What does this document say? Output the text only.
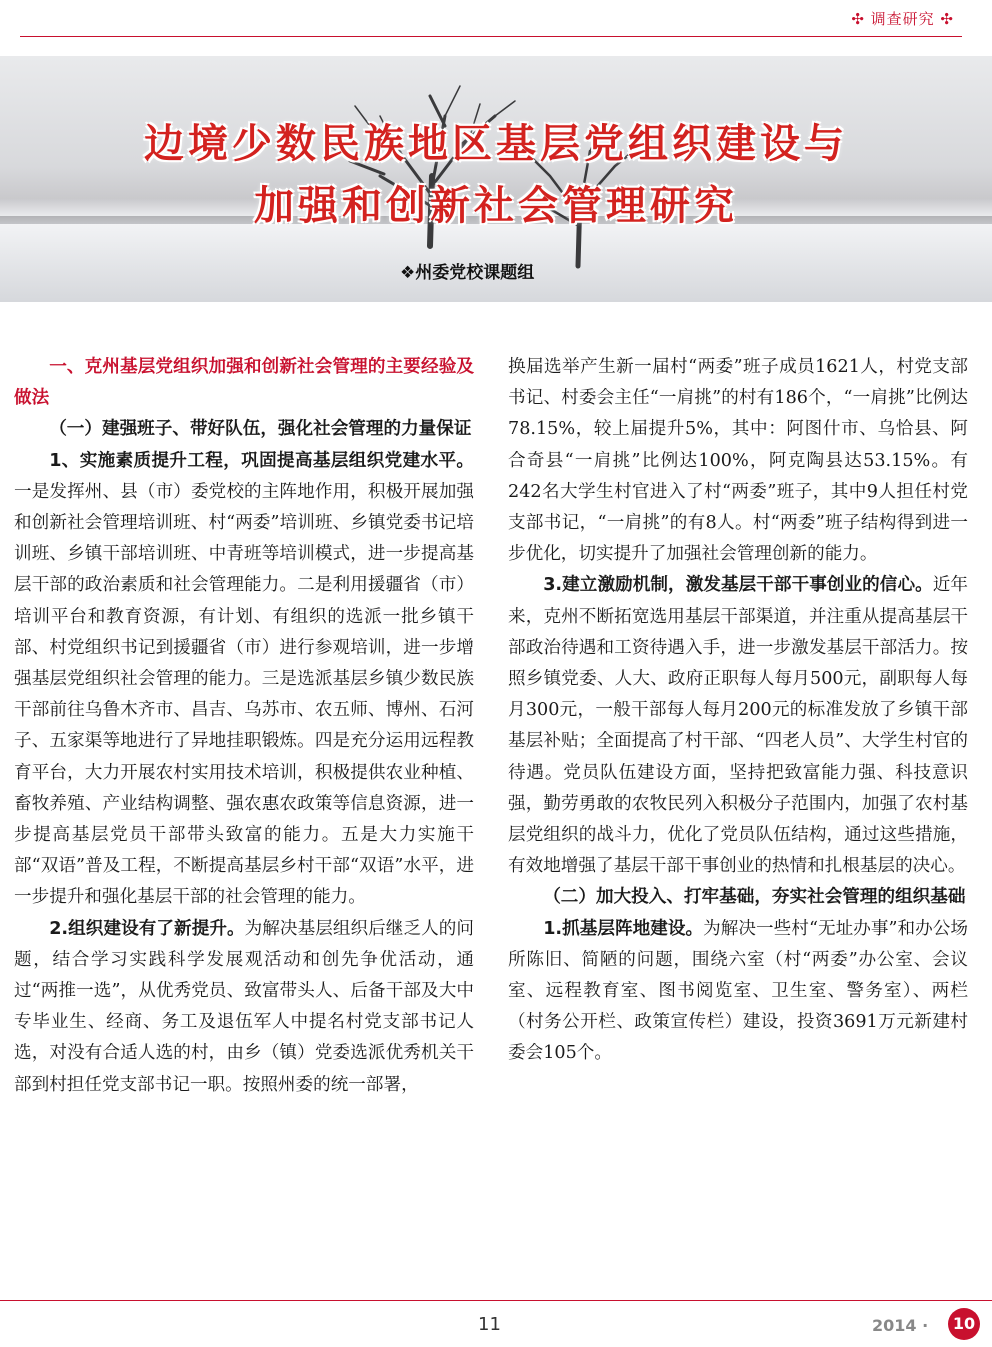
✣ 调查研究 ✣
边境少数民族地区基层党组织建设与
加强和创新社会管理研究
❖州委党校课题组

一、克州基层党组织加强和创新社会管理的主要经验及做法

（一）建强班子、带好队伍，强化社会管理的力量保证

1、实施素质提升工程，巩固提高基层组织党建水平。一是发挥州、县（市）委党校的主阵地作用，积极开展加强和创新社会管理培训班、村“两委”培训班、乡镇党委书记培训班、乡镇干部培训班、中青班等培训模式，进一步提高基层干部的政治素质和社会管理能力。二是利用援疆省（市）培训平台和教育资源，有计划、有组织的选派一批乡镇干部、村党组织书记到援疆省（市）进行参观培训，进一步增强基层党组织社会管理的能力。三是选派基层乡镇少数民族干部前往乌鲁木齐市、昌吉、乌苏市、农五师、博州、石河子、五家渠等地进行了异地挂职锻炼。四是充分运用远程教育平台，大力开展农村实用技术培训，积极提供农业种植、畜牧养殖、产业结构调整、强农惠农政策等信息资源，进一步提高基层党员干部带头致富的能力。五是大力实施干部“双语”普及工程，不断提高基层乡村干部“双语”水平，进一步提升和强化基层干部的社会管理的能力。

2.组织建设有了新提升。为解决基层组织后继乏人的问题，结合学习实践科学发展观活动和创先争优活动，通过“两推一选”，从优秀党员、致富带头人、后备干部及大中专毕业生、经商、务工及退伍军人中提名村党支部书记人选，对没有合适人选的村，由乡（镇）党委选派优秀机关干部到村担任党支部书记一职。按照州委的统一部署，

换届选举产生新一届村“两委”班子成员1621人，村党支部书记、村委会主任“一肩挑”的村有186个，“一肩挑”比例达78.15%，较上届提升5%，其中：阿图什市、乌恰县、阿合奇县“一肩挑”比例达100%，阿克陶县达53.15%。有242名大学生村官进入了村“两委”班子，其中9人担任村党支部书记，“一肩挑”的有8人。村“两委”班子结构得到进一步优化，切实提升了加强社会管理创新的能力。

3.建立激励机制，激发基层干部干事创业的信心。近年来，克州不断拓宽选用基层干部渠道，并注重从提高基层干部政治待遇和工资待遇入手，进一步激发基层干部活力。按照乡镇党委、人大、政府正职每人每月500元，副职每人每月300元，一般干部每人每月200元的标准发放了乡镇干部基层补贴；全面提高了村干部、“四老人员”、大学生村官的待遇。党员队伍建设方面，坚持把致富能力强、科技意识强，勤劳勇敢的农牧民列入积极分子范围内，加强了农村基层党组织的战斗力，优化了党员队伍结构，通过这些措施，有效地增强了基层干部干事创业的热情和扎根基层的决心。

（二）加大投入、打牢基础，夯实社会管理的组织基础

1.抓基层阵地建设。为解决一些村“无址办事”和办公场所陈旧、简陋的问题，围绕六室（村“两委”办公室、会议室、远程教育室、图书阅览室、卫生室、警务室）、两栏（村务公开栏、政策宣传栏）建设，投资3691万元新建村委会105个。

11	2014 ·	10
